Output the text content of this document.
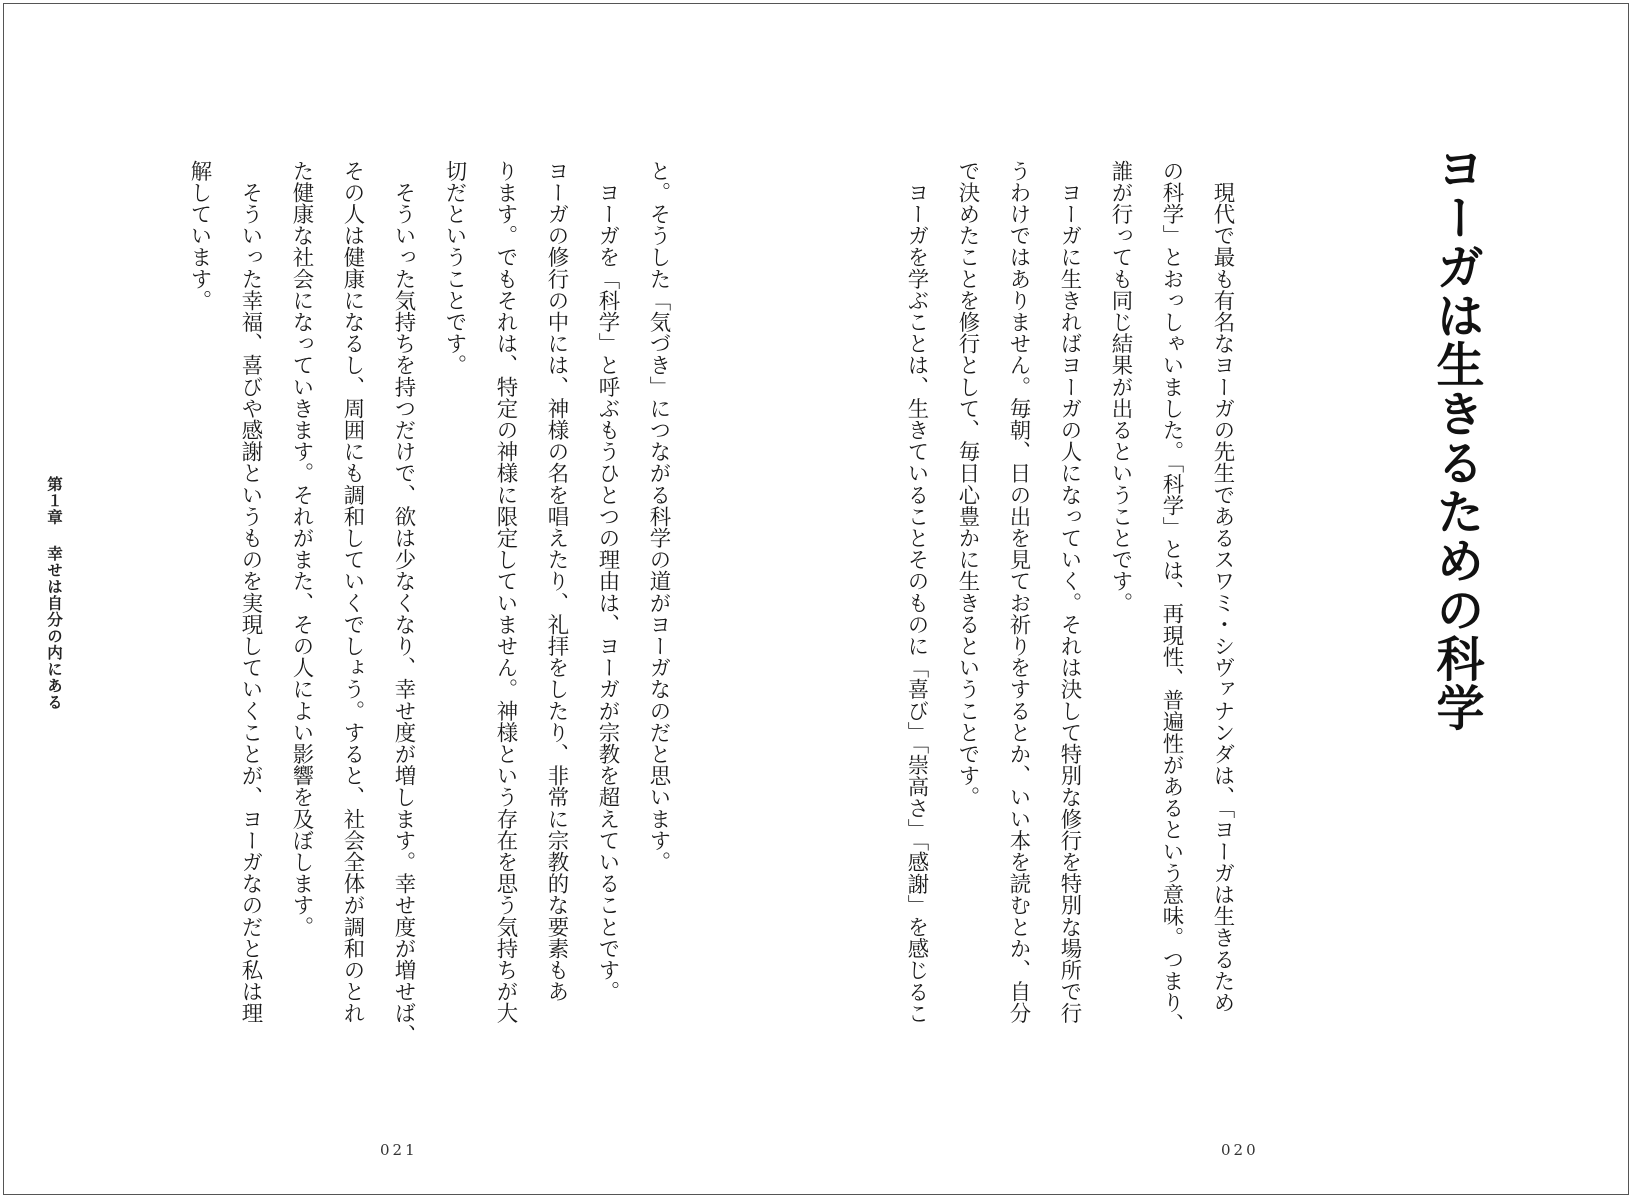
ヨーガは生きるための科学
　現代で最も有名なヨーガの先生であるスワミ・シヴァナンダは、「ヨーガは生きるため
の科学」とおっしゃいました。「科学」とは、再現性、普遍性があるという意味。つまり、
誰が行っても同じ結果が出るということです。
　ヨーガに生きればヨーガの人になっていく。それは決して特別な修行を特別な場所で行
うわけではありません。毎朝、日の出を見てお祈りをするとか、いい本を読むとか、自分
で決めたことを修行として、毎日心豊かに生きるということです。
　ヨーガを学ぶことは、生きていることそのものに「喜び」「崇高さ」「感謝」を感じるこ
020
と。そうした「気づき」につながる科学の道がヨーガなのだと思います。
　ヨーガを「科学」と呼ぶもうひとつの理由は、ヨーガが宗教を超えていることです。
ヨーガの修行の中には、神様の名を唱えたり、礼拝をしたり、非常に宗教的な要素もあ
ります。でもそれは、特定の神様に限定していません。神様という存在を思う気持ちが大
切だということです。
　そういった気持ちを持つだけで、欲は少なくなり、幸せ度が増します。幸せ度が増せば、
その人は健康になるし、周囲にも調和していくでしょう。すると、社会全体が調和のとれ
た健康な社会になっていきます。それがまた、その人によい影響を及ぼします。
　そういった幸福、喜びや感謝というものを実現していくことが、ヨーガなのだと私は理
解しています。
第１章幸せは自分の内にある
021
